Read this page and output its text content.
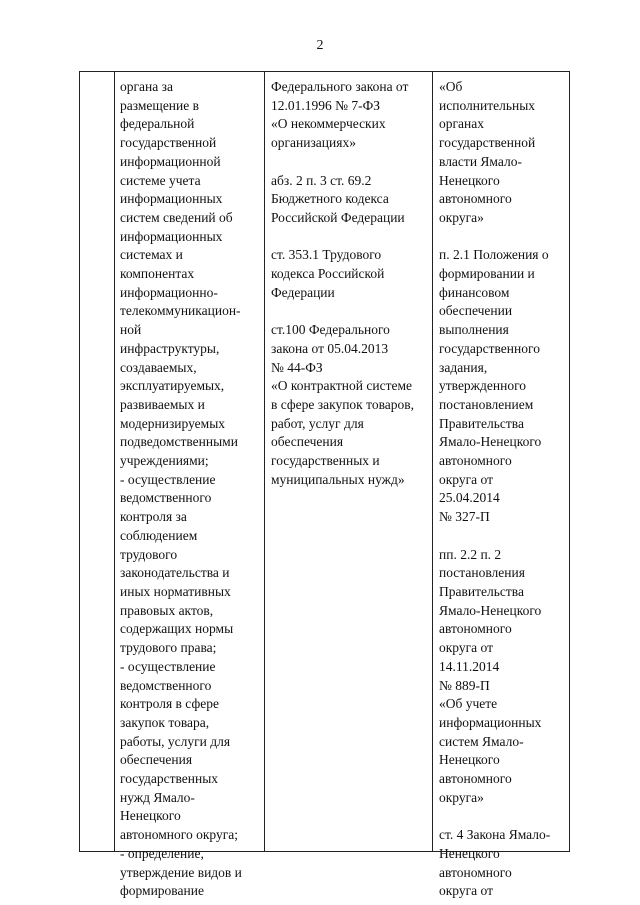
2
органа за
размещение в
федеральной
государственной
информационной
системе учета
информационных
систем сведений об
информационных
системах и
компонентах
информационно-
телекоммуникацион-
ной
инфраструктуры,
создаваемых,
эксплуатируемых,
развиваемых и
модернизируемых
подведомственными
учреждениями;
- осуществление
ведомственного
контроля за
соблюдением
трудового
законодательства и
иных нормативных
правовых актов,
содержащих нормы
трудового права;
- осуществление
ведомственного
контроля в сфере
закупок товара,
работы, услуги для
обеспечения
государственных
нужд Ямало-
Ненецкого
автономного округа;
- определение,
утверждение видов и
формирование
Федерального закона от
12.01.1996 № 7-ФЗ
«О некоммерческих
организациях»

абз. 2 п. 3 ст. 69.2
Бюджетного кодекса
Российской Федерации

ст. 353.1 Трудового
кодекса Российской
Федерации

ст.100 Федерального
закона от 05.04.2013
№ 44-ФЗ
«О контрактной системе
в сфере закупок товаров,
работ, услуг для
обеспечения
государственных и
муниципальных нужд»
«Об
исполнительных
органах
государственной
власти Ямало-
Ненецкого
автономного
округа»

п. 2.1 Положения о
формировании и
финансовом
обеспечении
выполнения
государственного
задания,
утвержденного
постановлением
Правительства
Ямало-Ненецкого
автономного
округа от
25.04.2014
№ 327-П

пп. 2.2 п. 2
постановления
Правительства
Ямало-Ненецкого
автономного
округа от
14.11.2014
№ 889-П
«Об учете
информационных
систем Ямало-
Ненецкого
автономного
округа»

ст. 4 Закона Ямало-
Ненецкого
автономного
округа от
